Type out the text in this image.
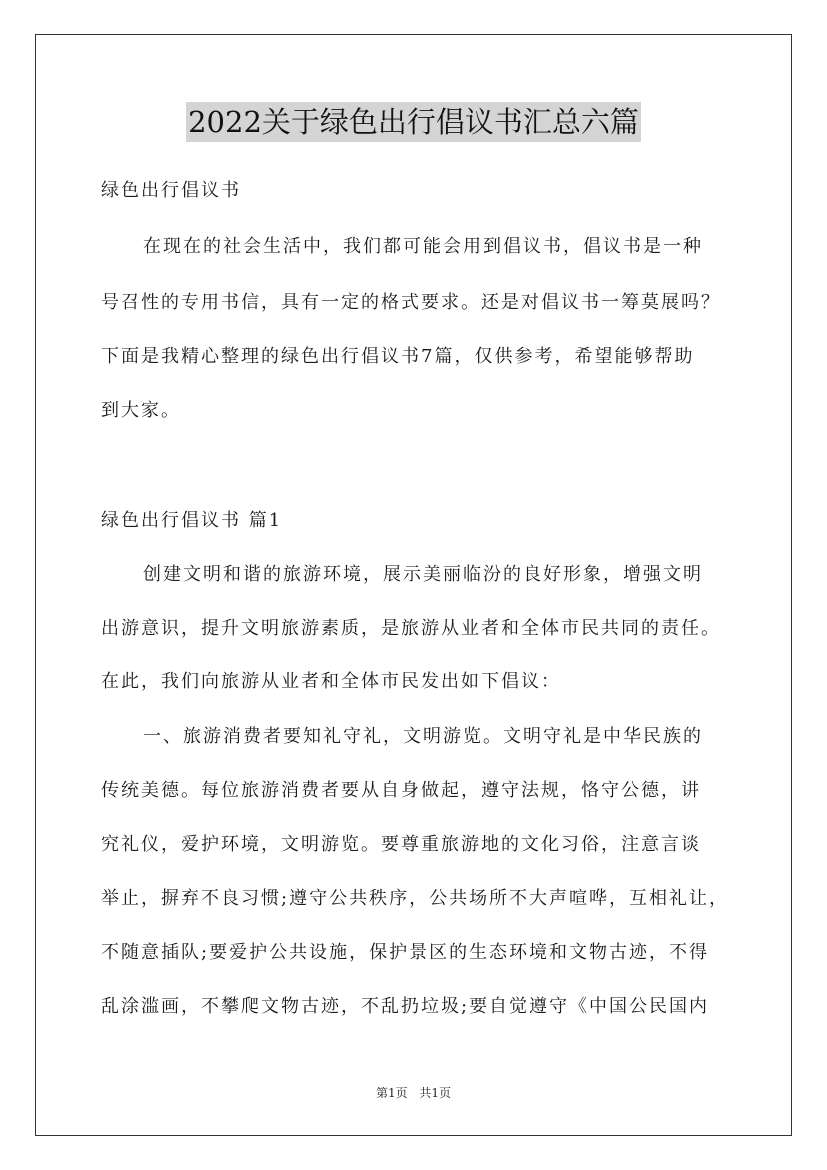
2022关于绿色出行倡议书汇总六篇
绿色出行倡议书
在现在的社会生活中，我们都可能会用到倡议书，倡议书是一种
号召性的专用书信，具有一定的格式要求。还是对倡议书一筹莫展吗？
下面是我精心整理的绿色出行倡议书7篇，仅供参考，希望能够帮助
到大家。
绿色出行倡议书 篇1
创建文明和谐的旅游环境，展示美丽临汾的良好形象，增强文明
出游意识，提升文明旅游素质，是旅游从业者和全体市民共同的责任。
在此，我们向旅游从业者和全体市民发出如下倡议：
一、旅游消费者要知礼守礼，文明游览。文明守礼是中华民族的
传统美德。每位旅游消费者要从自身做起，遵守法规，恪守公德，讲
究礼仪，爱护环境，文明游览。要尊重旅游地的文化习俗，注意言谈
举止，摒弃不良习惯;遵守公共秩序，公共场所不大声喧哗，互相礼让，
不随意插队;要爱护公共设施，保护景区的生态环境和文物古迹，不得
乱涂滥画，不攀爬文物古迹，不乱扔垃圾;要自觉遵守《中国公民国内
第1页 共1页
